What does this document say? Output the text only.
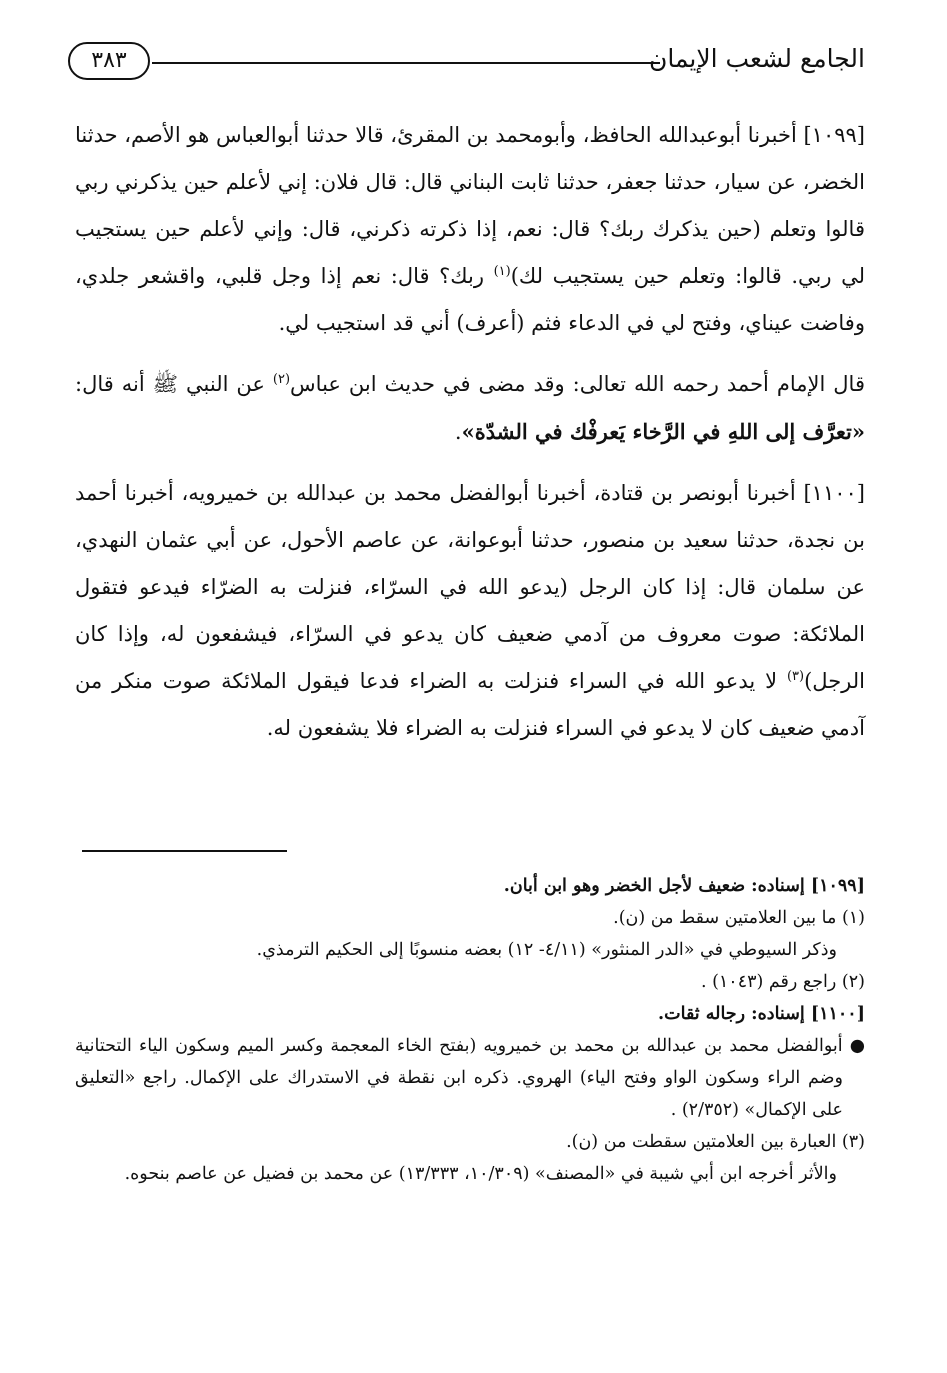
الجامع لشعب الإيمان
٣٨٣

[١٠٩٩] أخبرنا أبوعبدالله الحافظ، وأبومحمد بن المقرئ، قالا حدثنا أبوالعباس هو الأصم، حدثنا الخضر، عن سيار، حدثنا جعفر، حدثنا ثابت البناني قال: قال فلان: إني لأعلم حين يذكرني ربي قالوا وتعلم (حين يذكرك ربك؟ قال: نعم، إذا ذكرته ذكرني، قال: وإني لأعلم حين يستجيب لي ربي. قالوا: وتعلم حين يستجيب لك)$^{(١)}$ ربك؟ قال: نعم إذا وجل قلبي، واقشعر جلدي، وفاضت عيناي، وفتح لي في الدعاء فثم (أعرف) أني قد استجيب لي.

قال الإمام أحمد رحمه الله تعالى: وقد مضى في حديث ابن عباس$^{(٢)}$ عن النبي ﷺ أنه قال: «تعرَّف إلى اللهِ في الرَّخاء يَعرفْك في الشدّة».

[١١٠٠] أخبرنا أبونصر بن قتادة، أخبرنا أبوالفضل محمد بن عبدالله بن خميرويه، أخبرنا أحمد بن نجدة، حدثنا سعيد بن منصور، حدثنا أبوعوانة، عن عاصم الأحول، عن أبي عثمان النهدي، عن سلمان قال: إذا كان الرجل (يدعو الله في السرّاء، فنزلت به الضرّاء فيدعو فتقول الملائكة: صوت معروف من آدمي ضعيف كان يدعو في السرّاء، فيشفعون له، وإذا كان الرجل)$^{(٣)}$ لا يدعو الله في السراء فنزلت به الضراء فدعا فيقول الملائكة صوت منكر من آدمي ضعيف كان لا يدعو في السراء فنزلت به الضراء فلا يشفعون له.

[١٠٩٩] إسناده: ضعيف لأجل الخضر وهو ابن أبان.

(١) ما بين العلامتين سقط من (ن).

وذكر السيوطي في «الدر المنثور» (٤/١١- ١٢) بعضه منسوبًا إلى الحكيم الترمذي.

(٢) راجع رقم (١٠٤٣) .

[١١٠٠] إسناده: رجاله ثقات.

● أبوالفضل محمد بن عبدالله بن محمد بن خميرويه (بفتح الخاء المعجمة وكسر الميم وسكون الياء التحتانية وضم الراء وسكون الواو وفتح الياء) الهروي. ذكره ابن نقطة في الاستدراك على الإكمال. راجع «التعليق على الإكمال» (٢/٣٥٢) .

(٣) العبارة بين العلامتين سقطت من (ن).

والأثر أخرجه ابن أبي شيبة في «المصنف» (١٠/٣٠٩، ١٣/٣٣٣) عن محمد بن فضيل عن عاصم بنحوه.
